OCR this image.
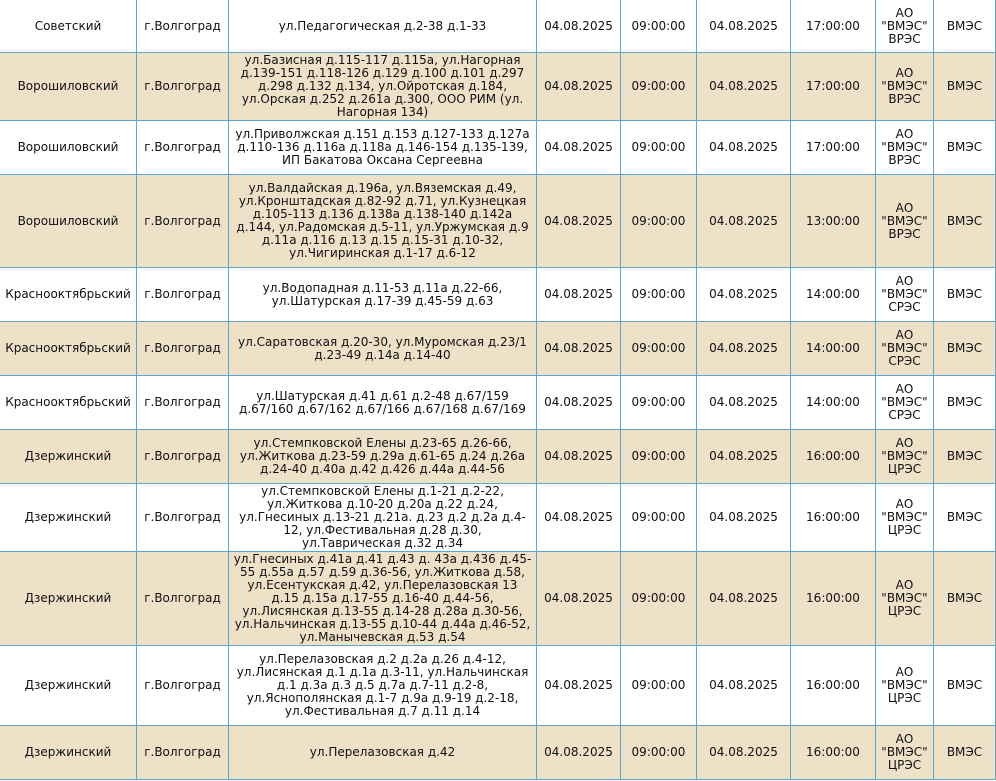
Советский	г.Волгоград	ул.Педагогическая д.2-38 д.1-33	04.08.2025	09:00:00	04.08.2025	17:00:00	АО "ВМЭС" ВРЭС	ВМЭС
Ворошиловский	г.Волгоград	ул.Базисная д.115-117 д.115а, ул.Нагорная д.139-151 д.118-126 д.129 д.100 д.101 д.297 д.298 д.132 д.134, ул.Ойротская д.184, ул.Орская д.252 д.261а д.300, ООО РИМ (ул. Нагорная 134)	04.08.2025	09:00:00	04.08.2025	17:00:00	АО "ВМЭС" ВРЭС	ВМЭС
Ворошиловский	г.Волгоград	ул.Приволжская д.151 д.153 д.127-133 д.127а д.110-136 д.116а д.118а д.146-154 д.135-139, ИП Бакатова Оксана Сергеевна	04.08.2025	09:00:00	04.08.2025	17:00:00	АО "ВМЭС" ВРЭС	ВМЭС
Ворошиловский	г.Волгоград	ул.Валдайская д.196а, ул.Вяземская д.49, ул.Кронштадская д.82-92 д.71, ул.Кузнецкая д.105-113 д.136 д.138а д.138-140 д.142а д.144, ул.Радомская д.5-11, ул.Уржумская д.9 д.11а д.116 д.13 д.15 д.15-31 д.10-32, ул.Чигиринская д.1-17 д.6-12	04.08.2025	09:00:00	04.08.2025	13:00:00	АО "ВМЭС" ВРЭС	ВМЭС
Краснооктябрьский	г.Волгоград	ул.Водопадная д.11-53 д.11а д.22-66, ул.Шатурская д.17-39 д.45-59 д.63	04.08.2025	09:00:00	04.08.2025	14:00:00	АО "ВМЭС" СРЭС	ВМЭС
Краснооктябрьский	г.Волгоград	ул.Саратовская д.20-30, ул.Муромская д.23/1 д.23-49 д.14а д.14-40	04.08.2025	09:00:00	04.08.2025	14:00:00	АО "ВМЭС" СРЭС	ВМЭС
Краснооктябрьский	г.Волгоград	ул.Шатурская д.41 д.61 д.2-48 д.67/159 д.67/160 д.67/162 д.67/166 д.67/168 д.67/169	04.08.2025	09:00:00	04.08.2025	14:00:00	АО "ВМЭС" СРЭС	ВМЭС
Дзержинский	г.Волгоград	ул.Стемпковской Елены д.23-65 д.26-66, ул.Житкова д.23-59 д.29а д.61-65 д.24 д.26а д.24-40 д.40а д.42 д.426 д.44а д.44-56	04.08.2025	09:00:00	04.08.2025	16:00:00	АО "ВМЭС" ЦРЭС	ВМЭС
Дзержинский	г.Волгоград	ул.Стемпковской Елены д.1-21 д.2-22, ул.Житкова д.10-20 д.20а д.22 д.24, ул.Гнесиных д.13-21 д.21а. д.23 д.2 д.2а д.4-12, ул.Фестивальная д.28 д.30, ул.Таврическая д.32 д.34	04.08.2025	09:00:00	04.08.2025	16:00:00	АО "ВМЭС" ЦРЭС	ВМЭС
Дзержинский	г.Волгоград	ул.Гнесиных д.41а д.41 д.43 д. 43а д.436 д.45-55 д.55а д.57 д.59 д.36-56, ул.Житкова д.58, ул.Есентукская д.42, ул.Перелазовская 13 д.15 д.15а д.17-55 д.16-40 д.44-56, ул.Лисянская д.13-55 д.14-28 д.28а д.30-56, ул.Нальчинская д.13-55 д.10-44 д.44а д.46-52, ул.Манычевская д.53 д.54	04.08.2025	09:00:00	04.08.2025	16:00:00	АО "ВМЭС" ЦРЭС	ВМЭС
Дзержинский	г.Волгоград	ул.Перелазовская д.2 д.2а д.26 д.4-12, ул.Лисянская д.1 д.1а д.3-11, ул.Нальчинская д.1 д.3а д.3 д.5 д.7а д.7-11 д.2-8, ул.Яснополянская д.1-7 д.9а д.9-19 д.2-18, ул.Фестивальная д.7 д.11 д.14	04.08.2025	09:00:00	04.08.2025	16:00:00	АО "ВМЭС" ЦРЭС	ВМЭС
Дзержинский	г.Волгоград	ул.Перелазовская д.42	04.08.2025	09:00:00	04.08.2025	16:00:00	АО "ВМЭС" ЦРЭС	ВМЭС
